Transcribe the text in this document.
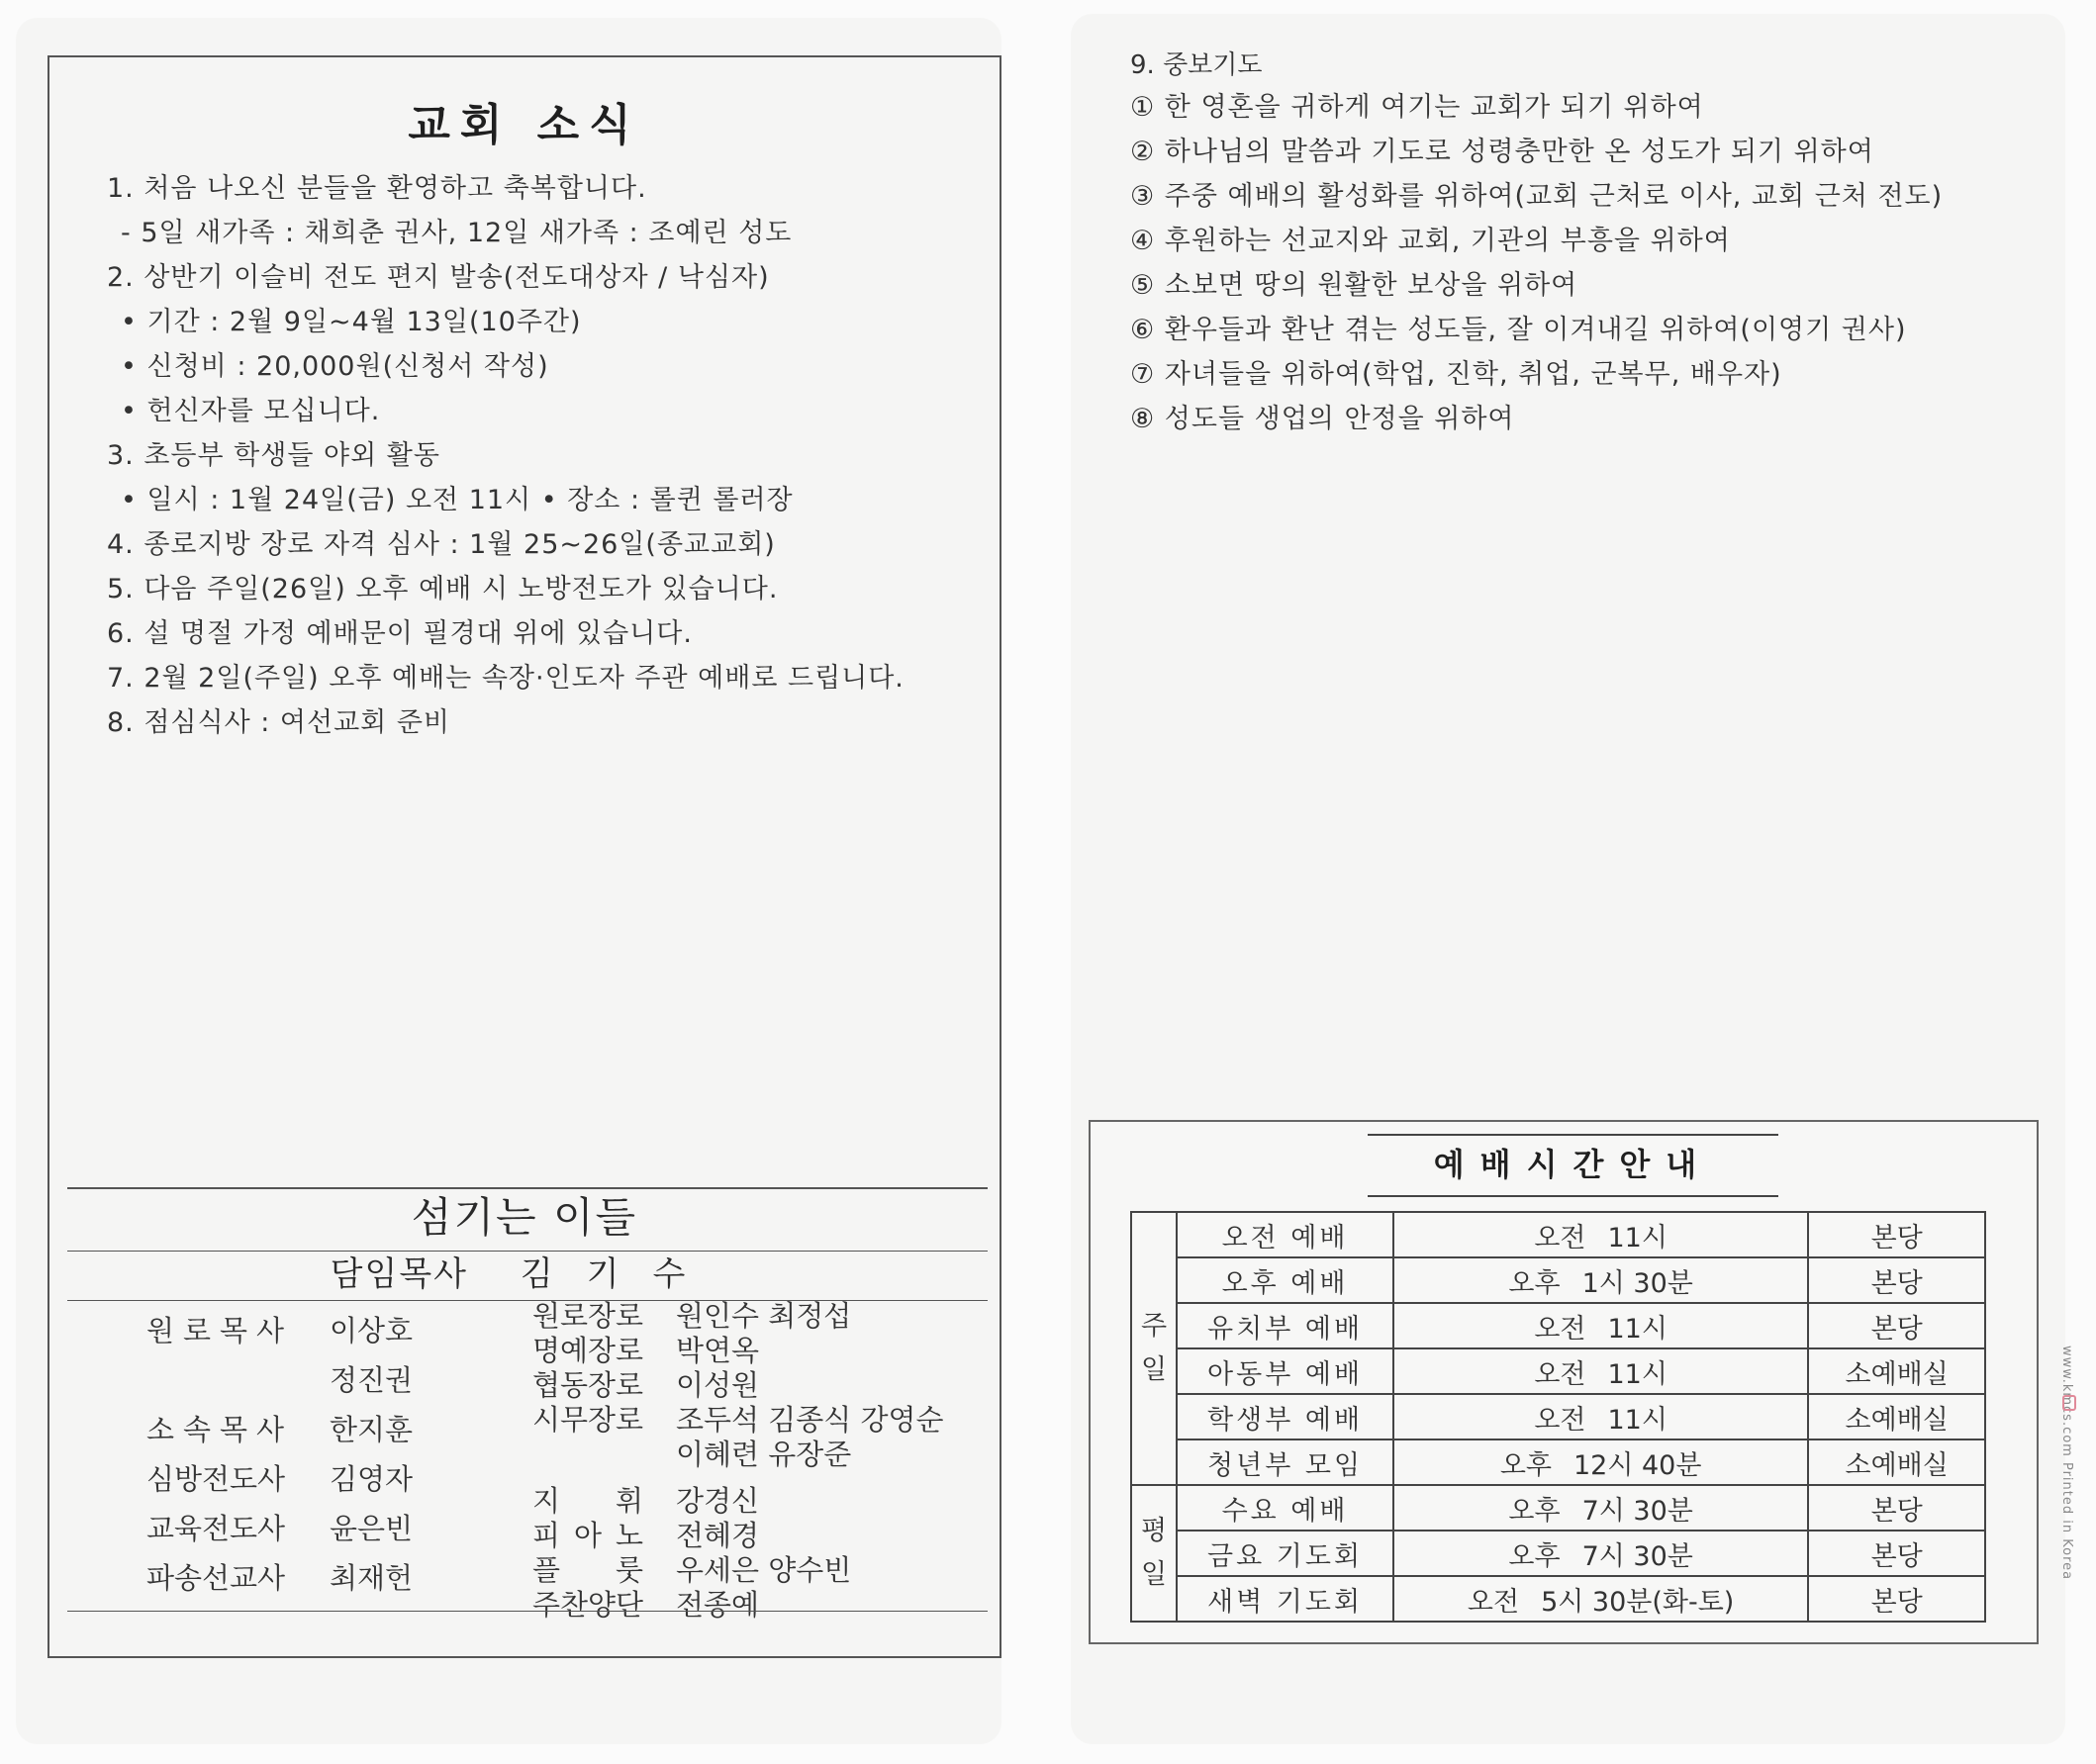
교회 소식
1. 처음 나오신 분들을 환영하고 축복합니다.
- 5일 새가족 : 채희춘 권사, 12일 새가족 : 조예린 성도
2. 상반기 이슬비 전도 편지 발송(전도대상자 / 낙심자)
• 기간 : 2월 9일~4월 13일(10주간)
• 신청비 : 20,000원(신청서 작성)
• 헌신자를 모십니다.
3. 초등부 학생들 야외 활동
• 일시 : 1월 24일(금) 오전 11시 • 장소 : 롤퀸 롤러장
4. 종로지방 장로 자격 심사 : 1월 25~26일(종교교회)
5. 다음 주일(26일) 오후 예배 시 노방전도가 있습니다.
6. 설 명절 가정 예배문이 필경대 위에 있습니다.
7. 2월 2일(주일) 오후 예배는 속장·인도자 주관 예배로 드립니다.
8. 점심식사 : 여선교회 준비
섬기는 이들
담임목사 김기수
원로목사	이상호
정진권
소속목사	한지훈
심방전도사	김영자
교육전도사	윤은빈
파송선교사	최재헌
원로장로	원인수 최정섭
명예장로	박연옥
협동장로	이성원
시무장로	조두석 김종식 강영순
이혜련 유장준
지 휘 강경신
피 아 노 전혜경
플 룻 우세은 양수빈
주찬양단	전종예
9. 중보기도
① 한 영혼을 귀하게 여기는 교회가 되기 위하여
② 하나님의 말씀과 기도로 성령충만한 온 성도가 되기 위하여
③ 주중 예배의 활성화를 위하여(교회 근처로 이사, 교회 근처 전도)
④ 후원하는 선교지와 교회, 기관의 부흥을 위하여
⑤ 소보면 땅의 원활한 보상을 위하여
⑥ 환우들과 환난 겪는 성도들, 잘 이겨내길 위하여(이영기 권사)
⑦ 자녀들을 위하여(학업, 진학, 취업, 군복무, 배우자)
⑧ 성도들 생업의 안정을 위하여
예배시간안내
주
일	오전 예배	오전 11시	본당
	오후 예배	오후 1시 30분	본당
	유치부 예배	오전 11시	본당
	아동부 예배	오전 11시	소예배실
	학생부 예배	오전 11시	소예배실
	청년부 모임	오후 12시 40분	소예배실

평
일	수요 예배	오후 7시 30분	본당
	금요 기도회	오후 7시 30분	본당
	새벽 기도회	오전 5시 30분(화-토)	본당
www.kmcs.com Printed in Korea
